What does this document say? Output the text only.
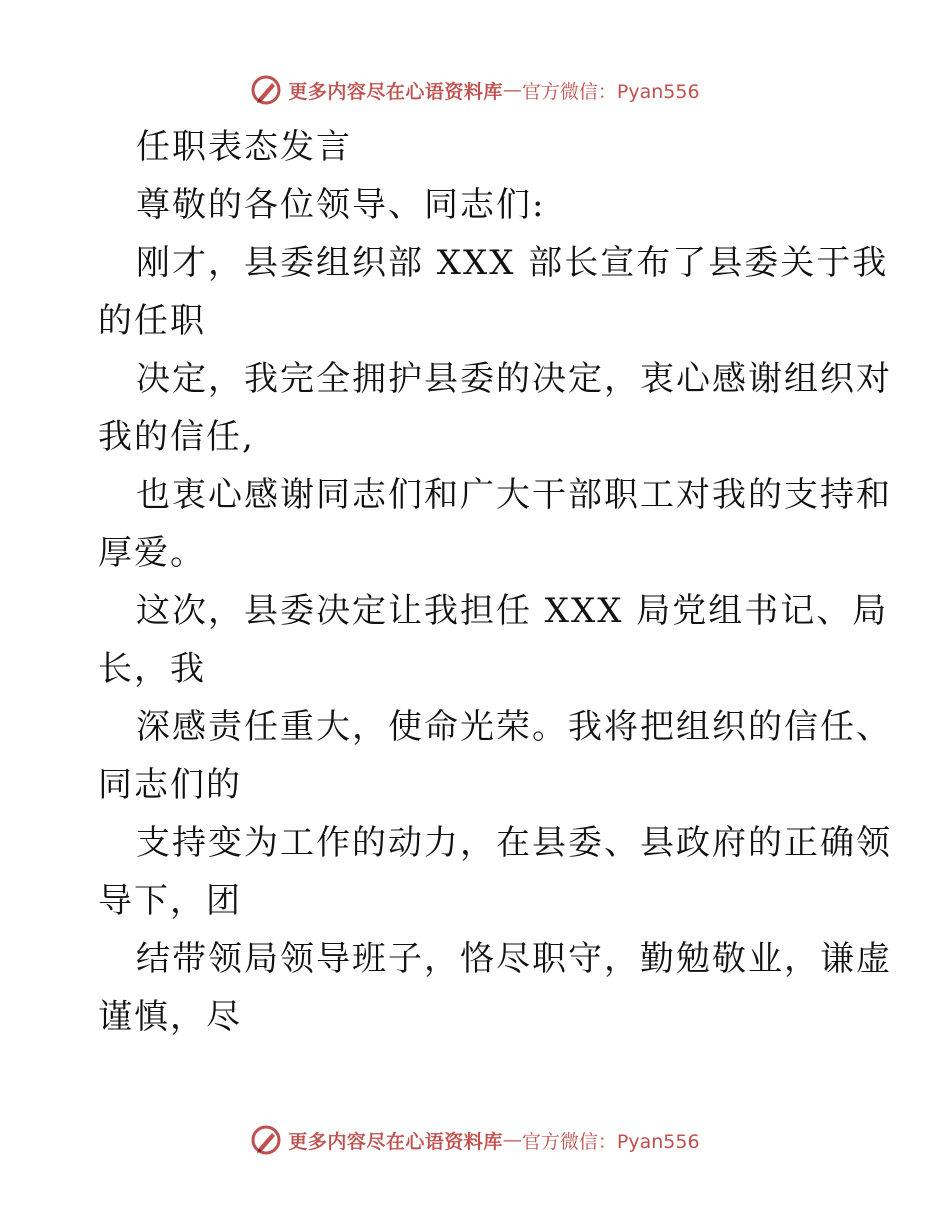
更多内容尽在心语资料库 — 官方微信：Pyan556
任职表态发言
尊敬的各位领导、同志们:
刚才，县委组织部 XXX 部长宣布了县委关于我
的任职
决定，我完全拥护县委的决定，衷心感谢组织对
我的信任,
也衷心感谢同志们和广大干部职工对我的支持和
厚爱。
这次，县委决定让我担任 XXX 局党组书记、局
长，我
深感责任重大，使命光荣。我将把组织的信任、
同志们的
支持变为工作的动力，在县委、县政府的正确领
导下，团
结带领局领导班子，恪尽职守，勤勉敬业，谦虚
谨慎，尽
更多内容尽在心语资料库 — 官方微信：Pyan556
